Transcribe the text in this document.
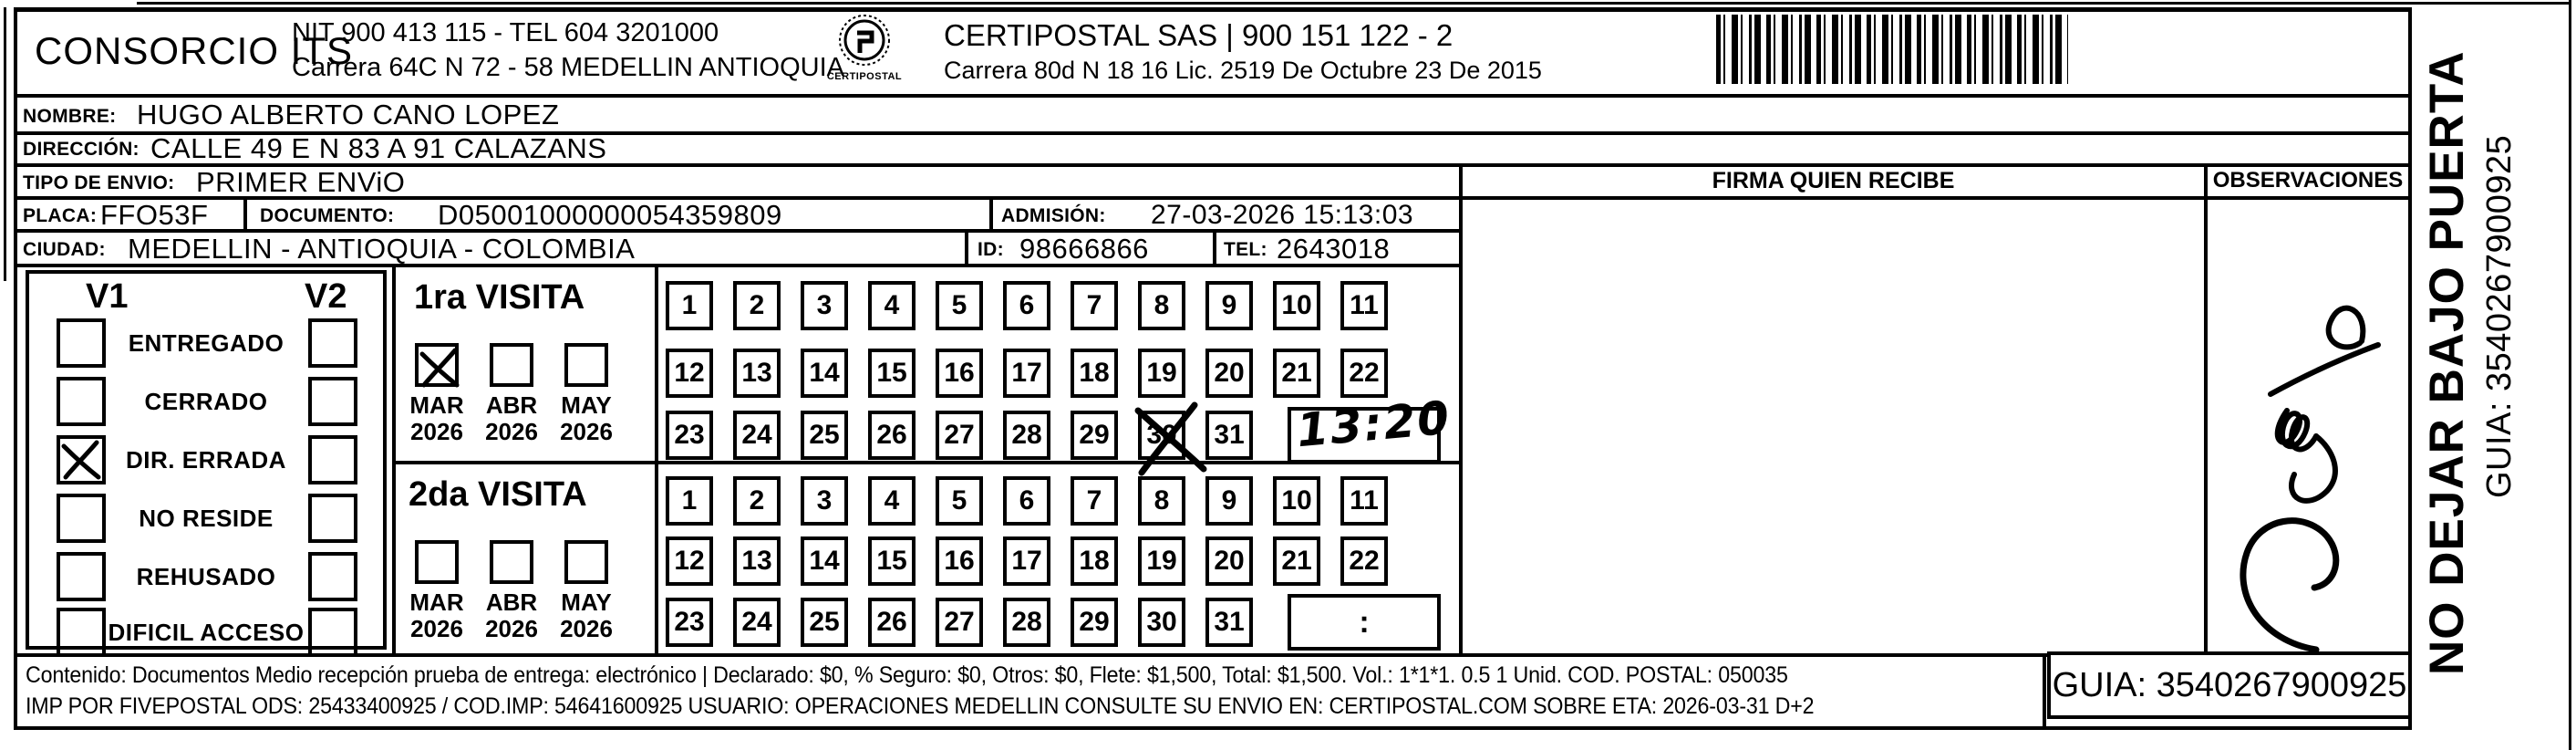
CONSORCIO ITS
NIT 900 413 115 - TEL 604 3201000
Carrera 64C N 72 - 58 MEDELLIN ANTIOQUIA
CERTIPOSTAL
CERTIPOSTAL SAS | 900 151 122 - 2
Carrera 80d N 18 16 Lic. 2519 De Octubre 23 De 2015
NOMBRE: HUGO ALBERTO CANO LOPEZ
DIRECCIÓN: CALLE 49 E N 83 A 91 CALAZANS
TIPO DE ENVIO: PRIMER ENViO
PLACA: FFO53F	DOCUMENTO: D05001000000054359809	ADMISIÓN: 27-03-2026 15:13:03
CIUDAD: MEDELLIN - ANTIOQUIA - COLOMBIA	ID: 98666866	TEL: 2643018
FIRMA QUIEN RECIBE	OBSERVACIONES
V1	V2
ENTREGADO
CERRADO
DIR. ERRADA
NO RESIDE
REHUSADO
DIFICIL ACCESO
1ra VISITA
MAR
2026
ABR
2026
MAY
2026
2da VISITA
MAR
2026
ABR
2026
MAY
2026
1	2	3	4	5	6	7	8	9	10	11
12	13	14	15	16	17	18	19	20	21	22
23	24	25	26	27	28	29	30	31 13:20
1	2	3	4	5	6	7	8	9	10	11
12	13	14	15	16	17	18	19	20	21	22
23	24	25	26	27	28	29	30	31	:
Contenido: Documentos Medio recepción prueba de entrega: electrónico | Declarado: $0, % Seguro: $0, Otros: $0, Flete: $1,500, Total: $1,500. Vol.: 1*1*1. 0.5 1 Unid. COD. POSTAL: 050035
IMP POR FIVEPOSTAL ODS: 25433400925 / COD.IMP: 54641600925 USUARIO: OPERACIONES MEDELLIN CONSULTE SU ENVIO EN: CERTIPOSTAL.COM SOBRE ETA: 2026-03-31 D+2
GUIA: 3540267900925
NO DEJAR BAJO PUERTA GUIA: 3540267900925
